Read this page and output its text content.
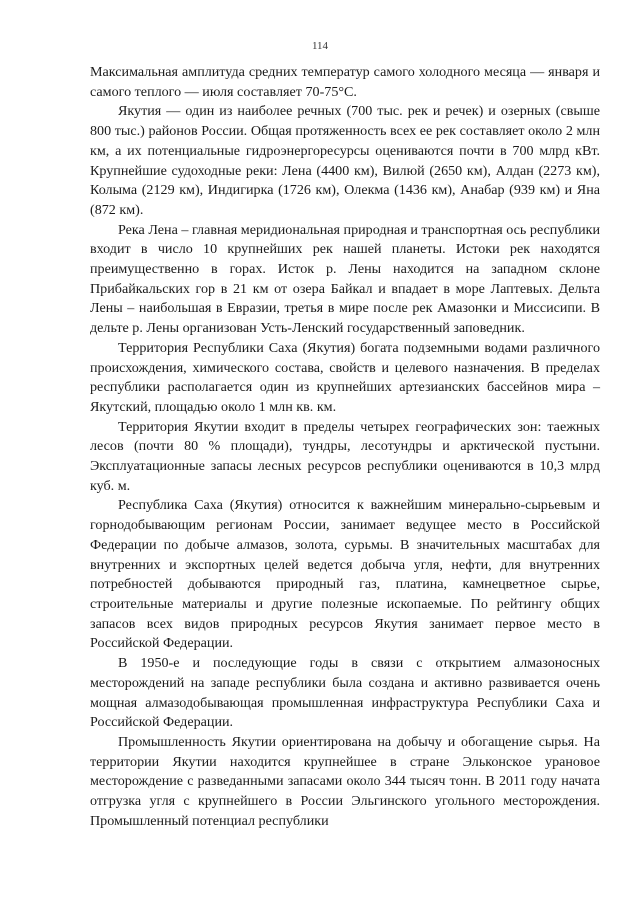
114

Максимальная амплитуда средних температур самого холодного месяца — января и самого теплого — июля составляет 70-75°С.

Якутия — один из наиболее речных (700 тыс. рек и речек) и озерных (свыше 800 тыс.) районов России. Общая протяженность всех ее рек составляет около 2 млн км, а их потенциальные гидроэнергоресурсы оцениваются почти в 700 млрд кВт. Крупнейшие судоходные реки: Лена (4400 км), Вилюй (2650 км), Алдан (2273 км), Колыма (2129 км), Индигирка (1726 км), Олекма (1436 км), Анабар (939 км) и Яна (872 км).

Река Лена – главная меридиональная природная и транспортная ось республики входит в число 10 крупнейших рек нашей планеты. Истоки рек находятся преимущественно в горах. Исток р. Лены находится на западном склоне Прибайкальских гор в 21 км от озера Байкал и впадает в море Лаптевых. Дельта Лены – наибольшая в Евразии, третья в мире после рек Амазонки и Миссисипи. В дельте р. Лены организован Усть-Ленский государственный заповедник.

Территория Республики Саха (Якутия) богата подземными водами различного происхождения, химического состава, свойств и целевого назначения. В пределах республики располагается один из крупнейших артезианских бассейнов мира – Якутский, площадью около 1 млн кв. км.

Территория Якутии входит в пределы четырех географических зон: таежных лесов (почти 80 % площади), тундры, лесотундры и арктической пустыни. Эксплуатационные запасы лесных ресурсов республики оцениваются в 10,3 млрд куб. м.

Республика Саха (Якутия) относится к важнейшим минерально-сырьевым и горнодобывающим регионам России, занимает ведущее место в Российской Федерации по добыче алмазов, золота, сурьмы. В значительных масштабах для внутренних и экспортных целей ведется добыча угля, нефти, для внутренних потребностей добываются природный газ, платина, камнецветное сырье, строительные материалы и другие полезные ископаемые. По рейтингу общих запасов всех видов природных ресурсов Якутия занимает первое место в Российской Федерации.

В 1950-е и последующие годы в связи с открытием алмазоносных месторождений на западе республики была создана и активно развивается очень мощная алмазодобывающая промышленная инфраструктура Республики Саха и Российской Федерации.

Промышленность Якутии ориентирована на добычу и обогащение сырья. На территории Якутии находится крупнейшее в стране Эльконское урановое месторождение с разведанными запасами около 344 тысяч тонн. В 2011 году начата отгрузка угля с крупнейшего в России Эльгинского угольного месторождения. Промышленный потенциал республики
